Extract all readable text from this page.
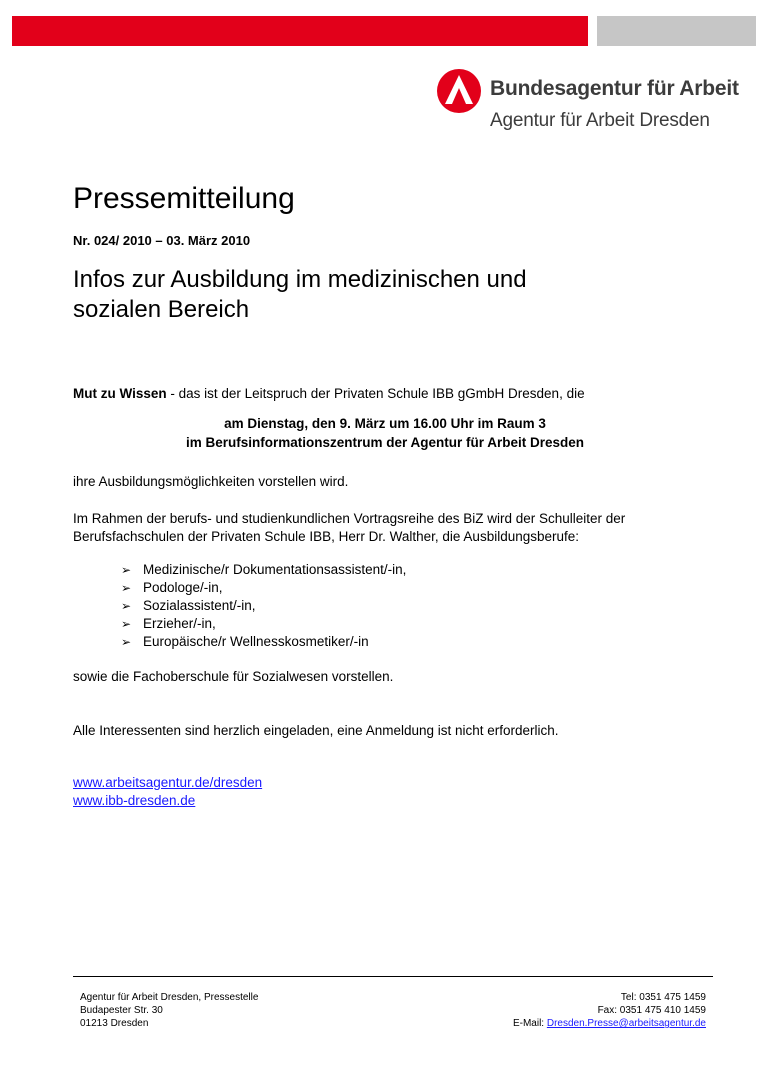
Bundesagentur für Arbeit
Agentur für Arbeit Dresden
Pressemitteilung
Nr. 024/ 2010 – 03. März 2010
Infos zur Ausbildung im medizinischen und
sozialen Bereich
Mut zu Wissen - das ist der Leitspruch der Privaten Schule IBB gGmbH Dresden, die
am Dienstag, den 9. März um 16.00 Uhr im Raum 3
im Berufsinformationszentrum der Agentur für Arbeit Dresden
ihre Ausbildungsmöglichkeiten vorstellen wird.
Im Rahmen der berufs- und studienkundlichen Vortragsreihe des BiZ wird der Schulleiter der
Berufsfachschulen der Privaten Schule IBB, Herr Dr. Walther, die Ausbildungsberufe:
➢ Medizinische/r Dokumentationsassistent/-in,
➢ Podologe/-in,
➢ Sozialassistent/-in,
➢ Erzieher/-in,
➢ Europäische/r Wellnesskosmetiker/-in
sowie die Fachoberschule für Sozialwesen vorstellen.
Alle Interessenten sind herzlich eingeladen, eine Anmeldung ist nicht erforderlich.
www.arbeitsagentur.de/dresden
www.ibb-dresden.de
Agentur für Arbeit Dresden, Pressestelle
Budapester Str. 30
01213 Dresden
Tel: 0351 475 1459
Fax: 0351 475 410 1459
E-Mail: Dresden.Presse@arbeitsagentur.de
